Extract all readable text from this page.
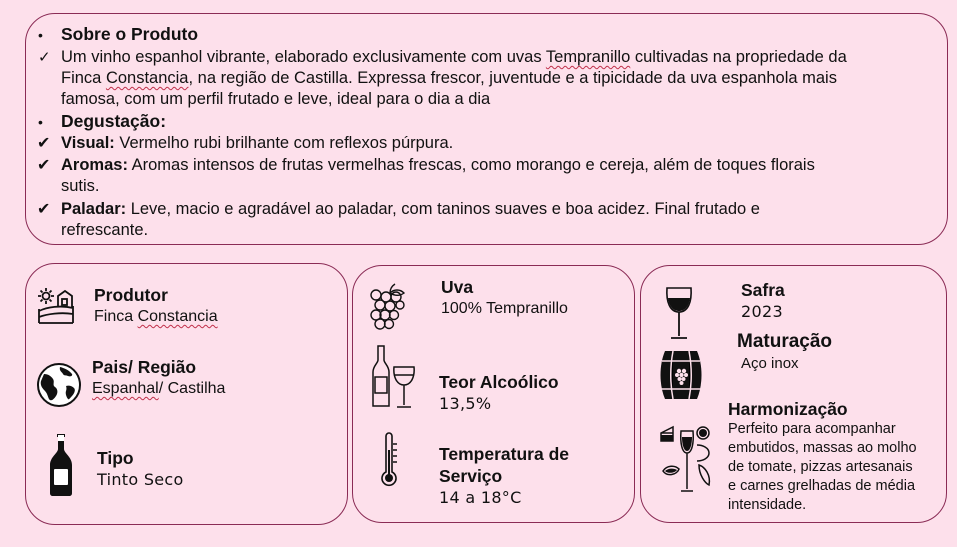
• Sobre o Produto
✓ Um vinho espanhol vibrante, elaborado exclusivamente com uvas Tempranillo cultivadas na propriedade da
Finca Constancia, na região de Castilla. Expressa frescor, juventude e a tipicidade da uva espanhola mais
famosa, com um perfil frutado e leve, ideal para o dia a dia
• Degustação:
✔ Visual: Vermelho rubi brilhante com reflexos púrpura.
✔ Aromas: Aromas intensos de frutas vermelhas frescas, como morango e cereja, além de toques florais
sutis.
✔ Paladar: Leve, macio e agradável ao paladar, com taninos suaves e boa acidez. Final frutado e
refrescante.
Produtor
Finca Constancia
Pais/ Região
Espanhal/ Castilha
Tipo
Tinto Seco
Uva
100% Tempranillo
Teor Alcoólico
13,5%
Temperatura de
Serviço
14 a 18°C
Safra
2023
Maturação
Aço inox
Harmonização
Perfeito para acompanhar
embutidos, massas ao molho
de tomate, pizzas artesanais
e carnes grelhadas de média
intensidade.
